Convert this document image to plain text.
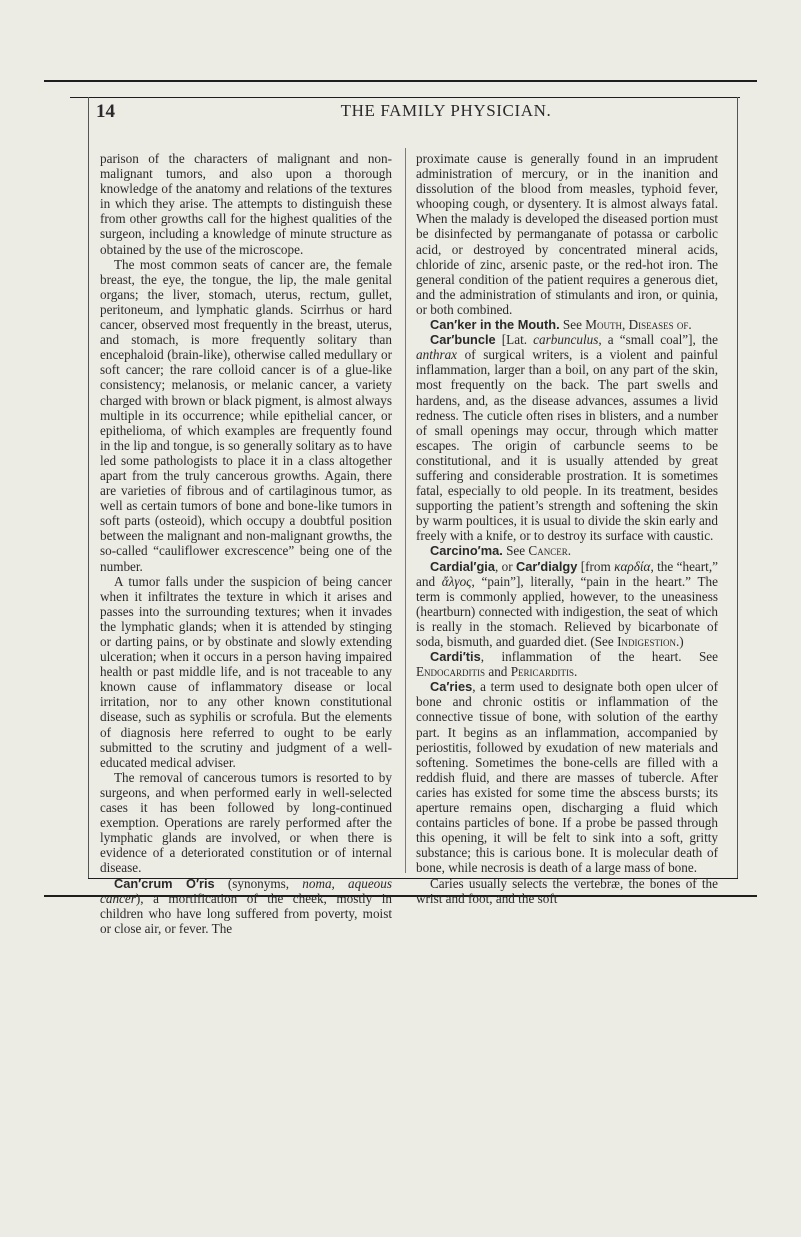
14	THE FAMILY PHYSICIAN.

parison of the characters of malignant and non-malignant tumors, and also upon a thorough knowledge of the anatomy and relations of the textures in which they arise. The attempts to distinguish these from other growths call for the highest qualities of the surgeon, including a knowledge of minute structure as obtained by the use of the microscope.

The most common seats of cancer are, the female breast, the eye, the tongue, the lip, the male genital organs; the liver, stomach, uterus, rectum, gullet, peritoneum, and lymphatic glands. Scirrhus or hard cancer, observed most frequently in the breast, uterus, and stomach, is more frequently solitary than encephaloid (brain-like), otherwise called medullary or soft cancer; the rare colloid cancer is of a glue-like consistency; melanosis, or melanic cancer, a variety charged with brown or black pigment, is almost always multiple in its occurrence; while epithelial cancer, or epithelioma, of which examples are frequently found in the lip and tongue, is so generally solitary as to have led some pathologists to place it in a class altogether apart from the truly cancerous growths. Again, there are varieties of fibrous and of cartilaginous tumor, as well as certain tumors of bone and bone-like tumors in soft parts (osteoid), which occupy a doubtful position between the malignant and non-malignant growths, the so-called “cauliflower excrescence” being one of the number.

A tumor falls under the suspicion of being cancer when it infiltrates the texture in which it arises and passes into the surrounding textures; when it invades the lymphatic glands; when it is attended by stinging or darting pains, or by obstinate and slowly extending ulceration; when it occurs in a person having impaired health or past middle life, and is not traceable to any known cause of inflammatory disease or local irritation, nor to any other known constitutional disease, such as syphilis or scrofula. But the elements of diagnosis here referred to ought to be early submitted to the scrutiny and judgment of a well-educated medical adviser.

The removal of cancerous tumors is resorted to by surgeons, and when performed early in well-selected cases it has been followed by long-continued exemption. Operations are rarely performed after the lymphatic glands are involved, or when there is evidence of a deteriorated constitution or of internal disease.

Can′crum O′ris (synonyms, noma, aqueous cancer), a mortification of the cheek, mostly in children who have long suffered from poverty, moist or close air, or fever. The

proximate cause is generally found in an imprudent administration of mercury, or in the inanition and dissolution of the blood from measles, typhoid fever, whooping cough, or dysentery. It is almost always fatal. When the malady is developed the diseased portion must be disinfected by permanganate of potassa or carbolic acid, or destroyed by concentrated mineral acids, chloride of zinc, arsenic paste, or the red-hot iron. The general condition of the patient requires a generous diet, and the administration of stimulants and iron, or quinia, or both combined.

Can′ker in the Mouth. See Mouth, Diseases of.

Car′buncle [Lat. carbunculus, a “small coal”], the anthrax of surgical writers, is a violent and painful inflammation, larger than a boil, on any part of the skin, most frequently on the back. The part swells and hardens, and, as the disease advances, assumes a livid redness. The cuticle often rises in blisters, and a number of small openings may occur, through which matter escapes. The origin of carbuncle seems to be constitutional, and it is usually attended by great suffering and considerable prostration. It is sometimes fatal, especially to old people. In its treatment, besides supporting the patient’s strength and softening the skin by warm poultices, it is usual to divide the skin early and freely with a knife, or to destroy its surface with caustic.

Carcino′ma. See Cancer.

Cardial′gia, or Car′dialgy [from καρδία, the “heart,” and ἄλγος, “pain”], literally, “pain in the heart.” The term is commonly applied, however, to the uneasiness (heartburn) connected with indigestion, the seat of which is really in the stomach. Relieved by bicarbonate of soda, bismuth, and guarded diet. (See Indigestion.)

Cardi′tis, inflammation of the heart. See Endocarditis and Pericarditis.

Ca′ries, a term used to designate both open ulcer of bone and chronic ostitis or inflammation of the connective tissue of bone, with solution of the earthy part. It begins as an inflammation, accompanied by periostitis, followed by exudation of new materials and softening. Sometimes the bone-cells are filled with a reddish fluid, and there are masses of tubercle. After caries has existed for some time the abscess bursts; its aperture remains open, discharging a fluid which contains particles of bone. If a probe be passed through this opening, it will be felt to sink into a soft, gritty substance; this is carious bone. It is molecular death of bone, while necrosis is death of a large mass of bone.

Caries usually selects the vertebræ, the bones of the wrist and foot, and the soft
